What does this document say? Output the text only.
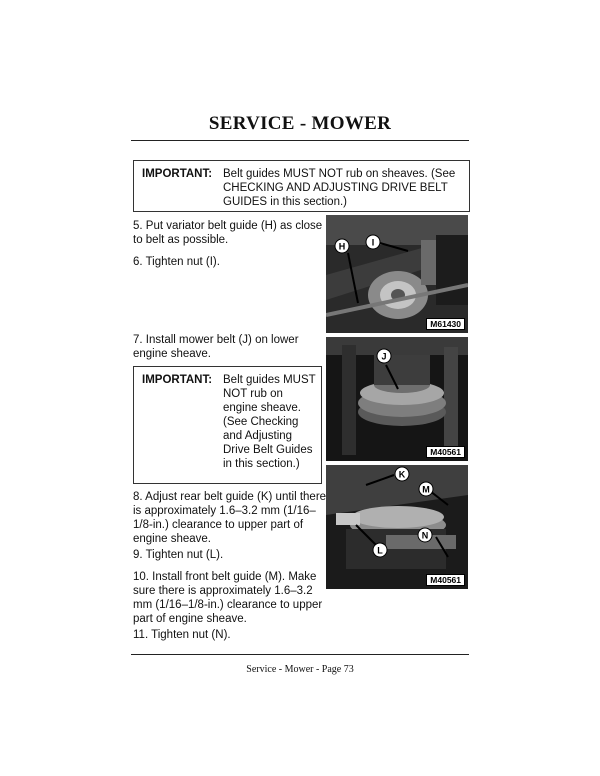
SERVICE - MOWER
IMPORTANT: Belt guides MUST NOT rub on sheaves. (See CHECKING AND ADJUSTING DRIVE BELT GUIDES in this section.)
5. Put variator belt guide (H) as close to belt as possible.
6. Tighten nut (I).
7. Install mower belt (J) on lower engine sheave.
IMPORTANT: Belt guides MUST NOT rub on engine sheave. (See Checking and Adjusting Drive Belt Guides in this section.)
8. Adjust rear belt guide (K) until there is approximately 1.6–3.2 mm (1/16–1/8-in.) clearance to upper part of engine sheave.
9. Tighten nut (L).
10. Install front belt guide (M). Make sure there is approximately 1.6–3.2 mm (1/16–1/8-in.) clearance to upper part of engine sheave.
11. Tighten nut (N).
H	I
M61430
J
M40561
K
M
N
L
M40561
Service - Mower - Page 73
